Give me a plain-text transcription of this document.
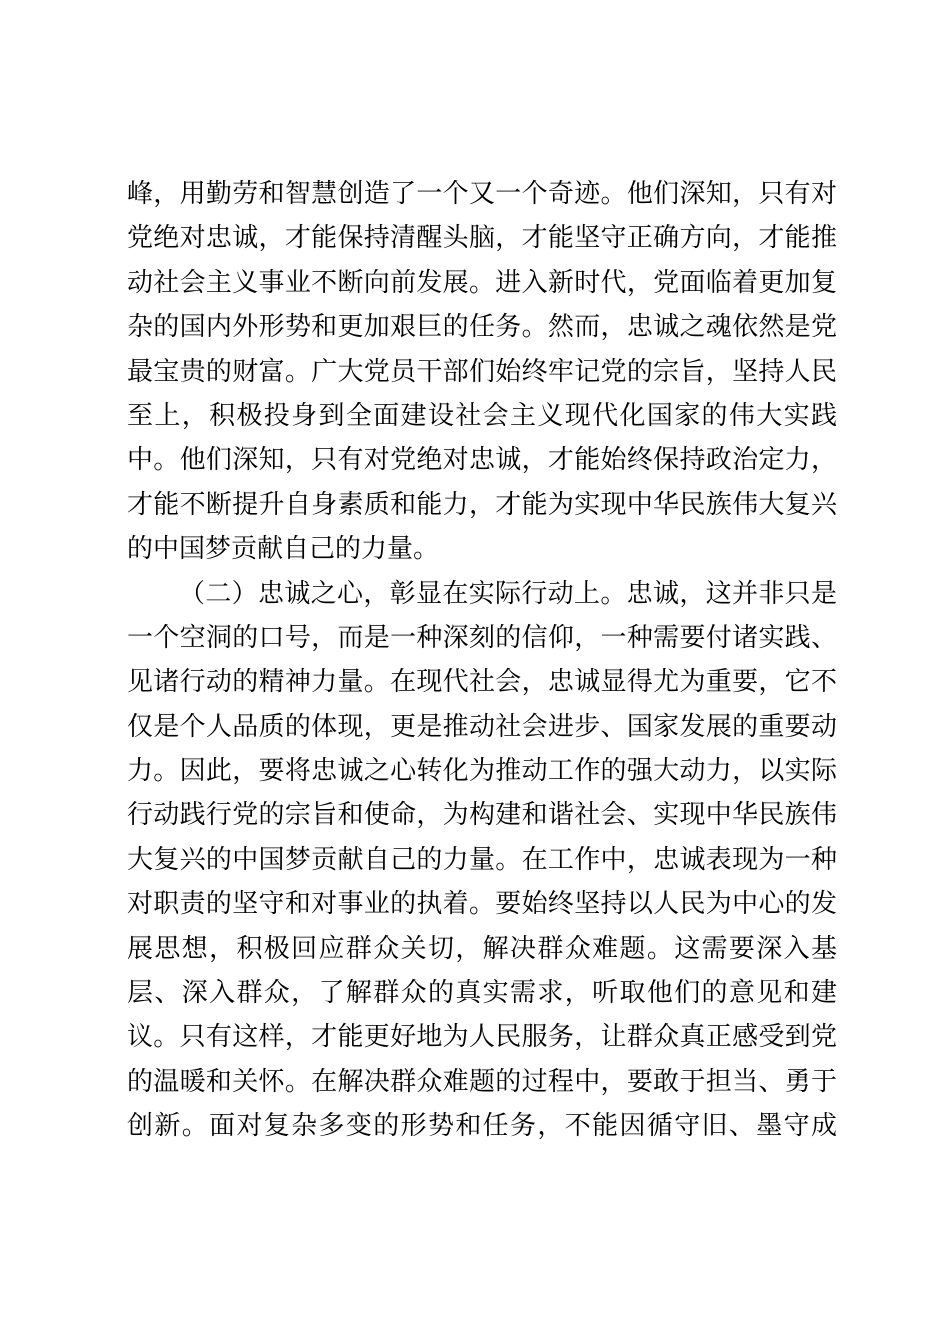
峰，用勤劳和智慧创造了一个又一个奇迹。他们深知，只有对
党绝对忠诚，才能保持清醒头脑，才能坚守正确方向，才能推
动社会主义事业不断向前发展。进入新时代，党面临着更加复
杂的国内外形势和更加艰巨的任务。然而，忠诚之魂依然是党
最宝贵的财富。广大党员干部们始终牢记党的宗旨，坚持人民
至上，积极投身到全面建设社会主义现代化国家的伟大实践
中。他们深知，只有对党绝对忠诚，才能始终保持政治定力，
才能不断提升自身素质和能力，才能为实现中华民族伟大复兴
的中国梦贡献自己的力量。
（二）忠诚之心，彰显在实际行动上。忠诚，这并非只是
一个空洞的口号，而是一种深刻的信仰，一种需要付诸实践、
见诸行动的精神力量。在现代社会，忠诚显得尤为重要，它不
仅是个人品质的体现，更是推动社会进步、国家发展的重要动
力。因此，要将忠诚之心转化为推动工作的强大动力，以实际
行动践行党的宗旨和使命，为构建和谐社会、实现中华民族伟
大复兴的中国梦贡献自己的力量。在工作中，忠诚表现为一种
对职责的坚守和对事业的执着。要始终坚持以人民为中心的发
展思想，积极回应群众关切，解决群众难题。这需要深入基
层、深入群众，了解群众的真实需求，听取他们的意见和建
议。只有这样，才能更好地为人民服务，让群众真正感受到党
的温暖和关怀。在解决群众难题的过程中，要敢于担当、勇于
创新。面对复杂多变的形势和任务，不能因循守旧、墨守成
